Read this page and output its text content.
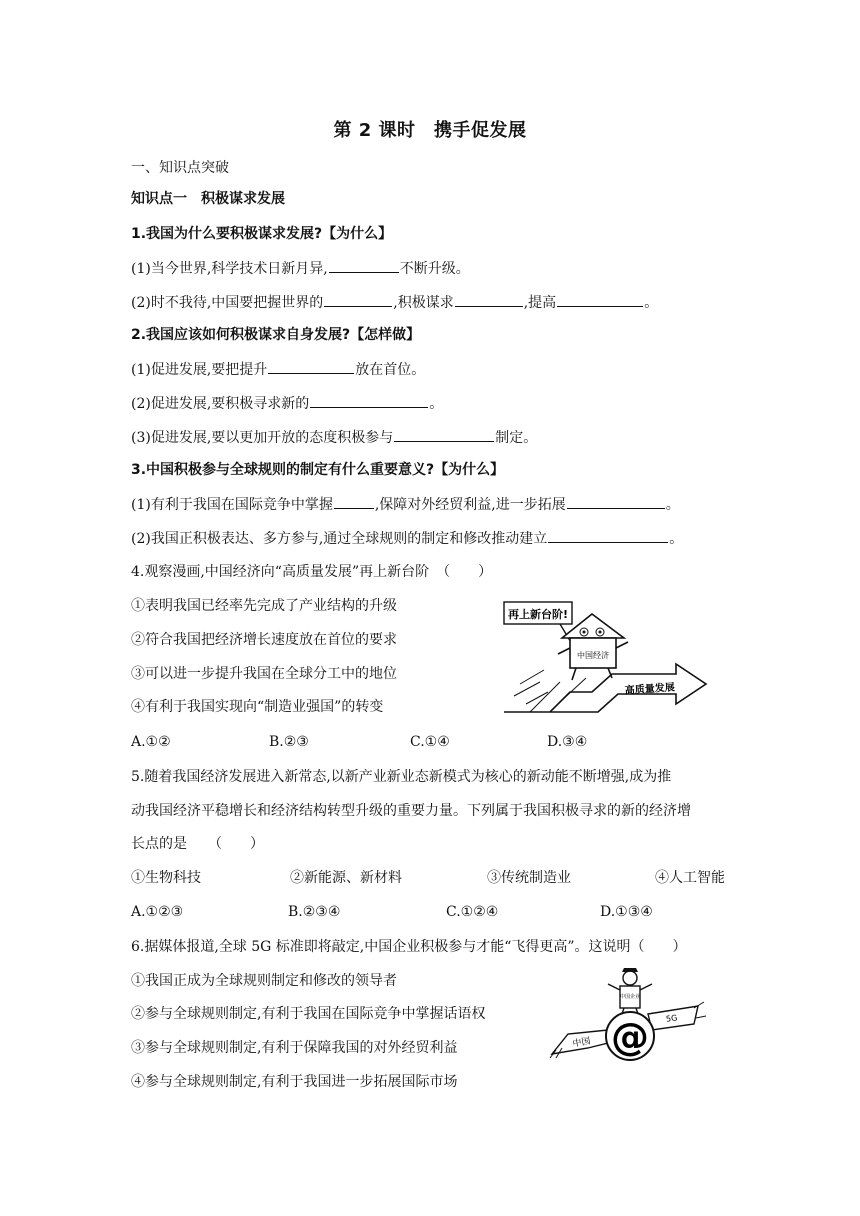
第 2 课时　携手促发展
一、知识点突破
知识点一　积极谋求发展
1.我国为什么要积极谋求发展?【为什么】
(1)当今世界,科学技术日新月异,	不断升级。
(2)时不我待,中国要把握世界的	,积极谋求	,提高	。
2.我国应该如何积极谋求自身发展?【怎样做】
(1)促进发展,要把提升	放在首位。
(2)促进发展,要积极寻求新的	。
(3)促进发展,要以更加开放的态度积极参与	制定。
3.中国积极参与全球规则的制定有什么重要意义?【为什么】
(1)有利于我国在国际竞争中掌握	,保障对外经贸利益,进一步拓展	。
(2)我国正积极表达、多方参与,通过全球规则的制定和修改推动建立	。
4.观察漫画,中国经济向“高质量发展”再上新台阶　（　　）
①表明我国已经率先完成了产业结构的升级
②符合我国把经济增长速度放在首位的要求
③可以进一步提升我国在全球分工中的地位
④有利于我国实现向“制造业强国”的转变
A.①②	B.②③	C.①④	D.③④
再上新台阶!
中国经济
高质量发展
5.随着我国经济发展进入新常态,以新产业新业态新模式为核心的新动能不断增强,成为推
动我国经济平稳增长和经济结构转型升级的重要力量。下列属于我国积极寻求的新的经济增
长点的是　　（　　）
①生物科技	②新能源、新材料	③传统制造业	④人工智能
A.①②③	B.②③④	C.①②④	D.①③④
6.据媒体报道,全球 5G 标准即将敲定,中国企业积极参与才能“飞得更高”。这说明（　　）
①我国正成为全球规则制定和修改的领导者
②参与全球规则制定,有利于我国在国际竞争中掌握话语权
③参与全球规则制定,有利于保障我国的对外经贸利益
④参与全球规则制定,有利于我国进一步拓展国际市场
中国
5G
@
中国企业
